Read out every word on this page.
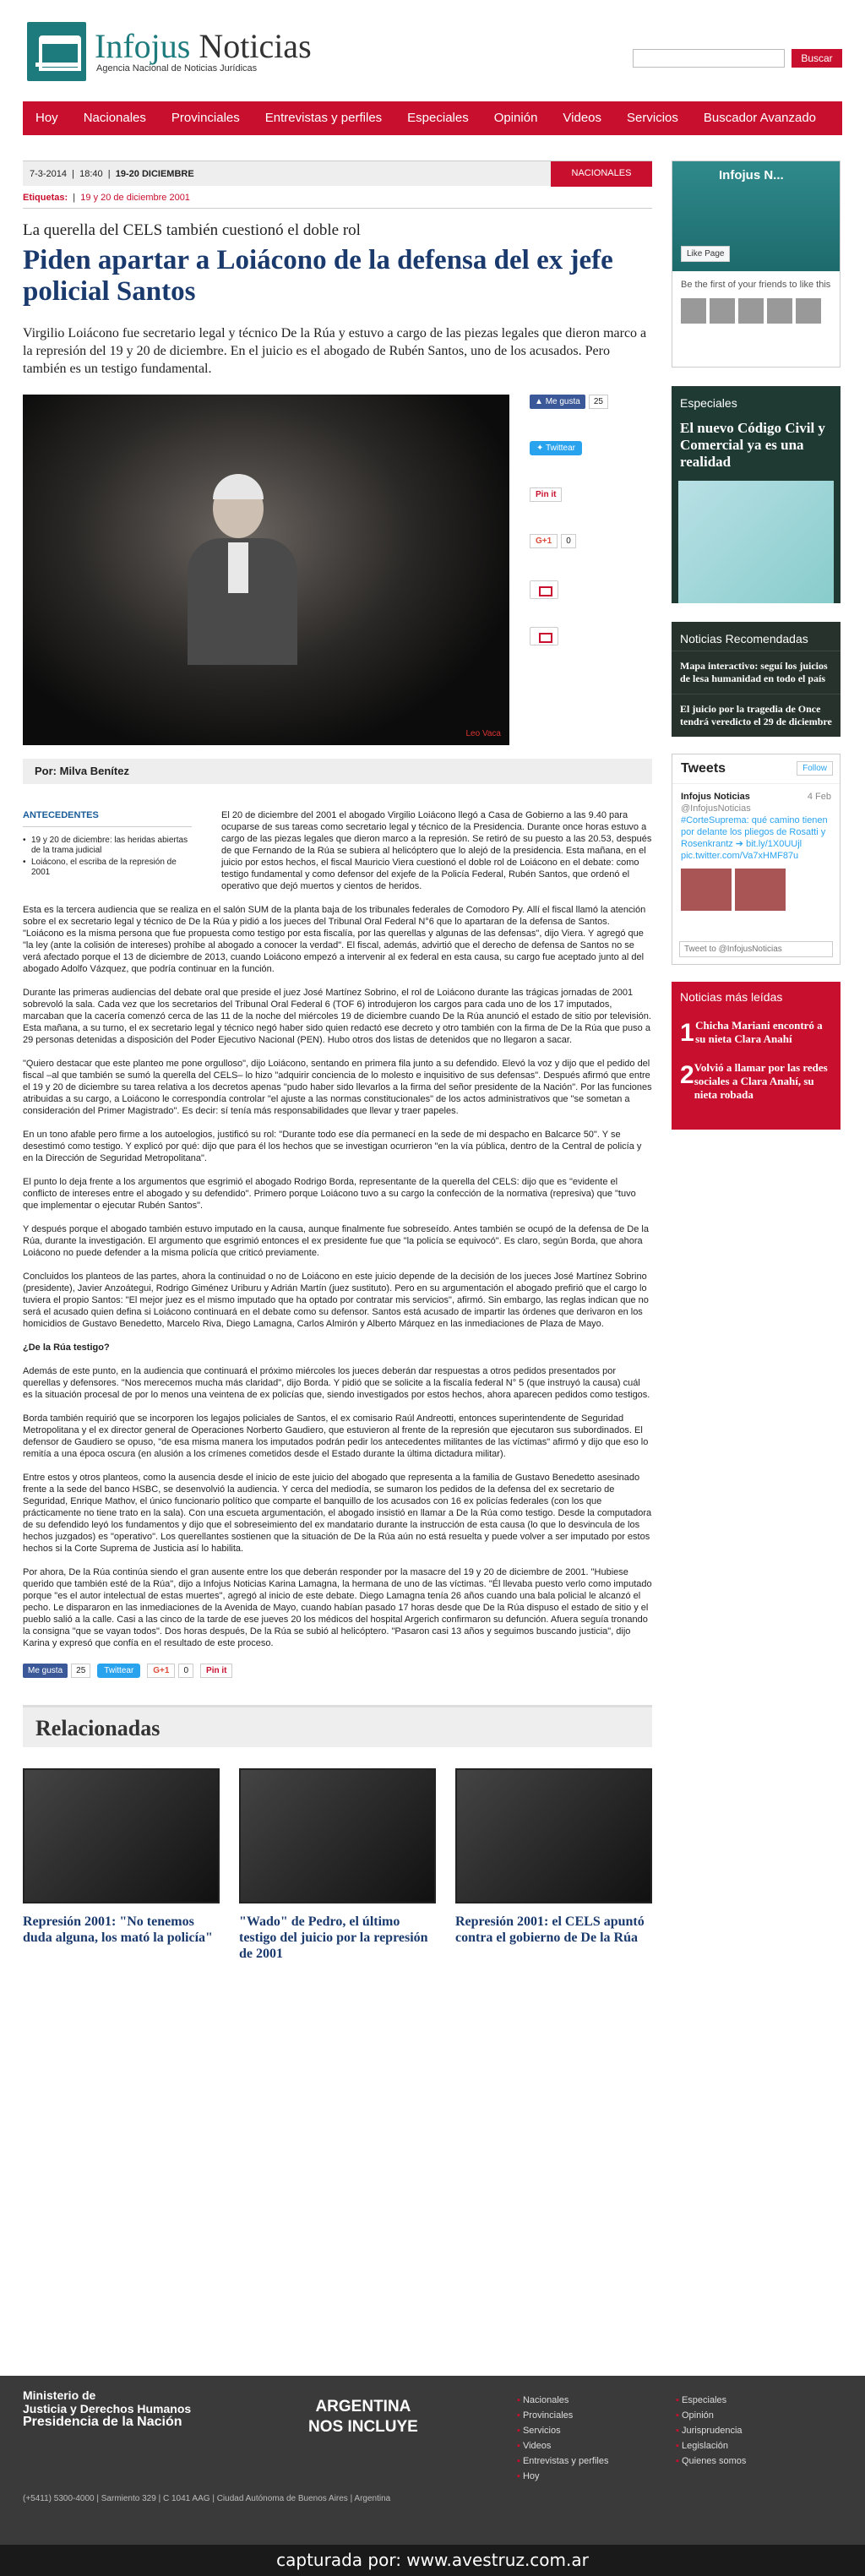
Infojus Noticias
Agencia Nacional de Noticias Jurídicas
Buscar
Hoy	Nacionales	Provinciales	Entrevistas y perfiles	Especiales	Opinión	Videos	Servicios	Buscador Avanzado
7-3-2014  |  18:40  |  19-20 DICIEMBRE	NACIONALES
Etiquetas:  |  19 y 20 de diciembre 2001
La querella del CELS también cuestionó el doble rol
Piden apartar a Loiácono de la defensa del ex jefe policial Santos
Virgilio Loiácono fue secretario legal y técnico De la Rúa y estuvo a cargo de las piezas legales que dieron marco a la represión del 19 y 20 de diciembre. En el juicio es el abogado de Rubén Santos, uno de los acusados. Pero también es un testigo fundamental.
Leo Vaca
▲ Me gusta 25
✦ Twittear
Pin it
G+1 0
Por: Milva Benítez
ANTECEDENTES
• 19 y 20 de diciembre: las heridas abiertas de la trama judicial
• Loiácono, el escriba de la represión de 2001

El 20 de diciembre del 2001 el abogado Virgilio Loiácono llegó a Casa de Gobierno a las 9.40 para ocuparse de sus tareas como secretario legal y técnico de la Presidencia. Durante once horas estuvo a cargo de las piezas legales que dieron marco a la represión. Se retiró de su puesto a las 20.53, después de que Fernando de la Rúa se subiera al helicóptero que lo alejó de la presidencia. Esta mañana, en el juicio por estos hechos, el fiscal Mauricio Viera cuestionó el doble rol de Loiácono en el debate: como testigo fundamental y como defensor del exjefe de la Policía Federal, Rubén Santos, que ordenó el operativo que dejó muertos y cientos de heridos.

Esta es la tercera audiencia que se realiza en el salón SUM de la planta baja de los tribunales federales de Comodoro Py. Allí el fiscal llamó la atención sobre el ex secretario legal y técnico de De la Rúa y pidió a los jueces del Tribunal Oral Federal N°6 que lo apartaran de la defensa de Santos. "Loiácono es la misma persona que fue propuesta como testigo por esta fiscalía, por las querellas y algunas de las defensas", dijo Viera. Y agregó que "la ley (ante la colisión de intereses) prohíbe al abogado a conocer la verdad". El fiscal, además, advirtió que el derecho de defensa de Santos no se verá afectado porque el 13 de diciembre de 2013, cuando Loiácono empezó a intervenir al ex federal en esta causa, su cargo fue aceptado junto al del abogado Adolfo Vázquez, que podría continuar en la función.

Durante las primeras audiencias del debate oral que preside el juez José Martínez Sobrino, el rol de Loiácono durante las trágicas jornadas de 2001 sobrevoló la sala. Cada vez que los secretarios del Tribunal Oral Federal 6 (TOF 6) introdujeron los cargos para cada uno de los 17 imputados, marcaban que la cacería comenzó cerca de las 11 de la noche del miércoles 19 de diciembre cuando De la Rúa anunció el estado de sitio por televisión. Esta mañana, a su turno, el ex secretario legal y técnico negó haber sido quien redactó ese decreto y otro también con la firma de De la Rúa que puso a 29 personas detenidas a disposición del Poder Ejecutivo Nacional (PEN). Hubo otros dos listas de detenidos que no llegaron a sacar.

"Quiero destacar que este planteo me pone orgulloso", dijo Loiácono, sentando en primera fila junto a su defendido. Elevó la voz y dijo que el pedido del fiscal –al que también se sumó la querella del CELS– lo hizo "adquirir conciencia de lo molesto e inquisitivo de sus defensas". Después afirmó que entre el 19 y 20 de diciembre su tarea relativa a los decretos apenas "pudo haber sido llevarlos a la firma del señor presidente de la Nación". Por las funciones atribuidas a su cargo, a Loiácono le correspondía controlar "el ajuste a las normas constitucionales" de los actos administrativos que "se sometan a consideración del Primer Magistrado". Es decir: sí tenía más responsabilidades que llevar y traer papeles.

En un tono afable pero firme a los autoelogios, justificó su rol: "Durante todo ese día permanecí en la sede de mi despacho en Balcarce 50". Y se desestimó como testigo. Y explicó por qué: dijo que para él los hechos que se investigan ocurrieron "en la vía pública, dentro de la Central de policía y en la Dirección de Seguridad Metropolitana".

El punto lo deja frente a los argumentos que esgrimió el abogado Rodrigo Borda, representante de la querella del CELS: dijo que es "evidente el conflicto de intereses entre el abogado y su defendido". Primero porque Loiácono tuvo a su cargo la confección de la normativa (represiva) que "tuvo que implementar o ejecutar Rubén Santos".

Y después porque el abogado también estuvo imputado en la causa, aunque finalmente fue sobreseído. Antes también se ocupó de la defensa de De la Rúa, durante la investigación. El argumento que esgrimió entonces el ex presidente fue que "la policía se equivocó". Es claro, según Borda, que ahora Loiácono no puede defender a la misma policía que criticó previamente.

Concluidos los planteos de las partes, ahora la continuidad o no de Loiácono en este juicio depende de la decisión de los jueces José Martínez Sobrino (presidente), Javier Anzoátegui, Rodrigo Giménez Uriburu y Adrián Martín (juez sustituto). Pero en su argumentación el abogado prefirió que el cargo lo tuviera el propio Santos: "El mejor juez es el mismo imputado que ha optado por contratar mis servicios", afirmó. Sin embargo, las reglas indican que no será el acusado quien defina si Loiácono continuará en el debate como su defensor. Santos está acusado de impartir las órdenes que derivaron en los homicidios de Gustavo Benedetto, Marcelo Riva, Diego Lamagna, Carlos Almirón y Alberto Márquez en las inmediaciones de Plaza de Mayo.

¿De la Rúa testigo?

Además de este punto, en la audiencia que continuará el próximo miércoles los jueces deberán dar respuestas a otros pedidos presentados por querellas y defensores. "Nos merecemos mucha más claridad", dijo Borda. Y pidió que se solicite a la fiscalía federal N° 5 (que instruyó la causa) cuál es la situación procesal de por lo menos una veintena de ex policías que, siendo investigados por estos hechos, ahora aparecen pedidos como testigos.

Borda también requirió que se incorporen los legajos policiales de Santos, el ex comisario Raúl Andreotti, entonces superintendente de Seguridad Metropolitana y el ex director general de Operaciones Norberto Gaudiero, que estuvieron al frente de la represión que ejecutaron sus subordinados. El defensor de Gaudiero se opuso, "de esa misma manera los imputados podrán pedir los antecedentes militantes de las víctimas" afirmó y dijo que eso lo remitía a una época oscura (en alusión a los crímenes cometidos desde el Estado durante la última dictadura militar).

Entre estos y otros planteos, como la ausencia desde el inicio de este juicio del abogado que representa a la familia de Gustavo Benedetto asesinado frente a la sede del banco HSBC, se desenvolvió la audiencia. Y cerca del mediodía, se sumaron los pedidos de la defensa del ex secretario de Seguridad, Enrique Mathov, el único funcionario político que comparte el banquillo de los acusados con 16 ex policías federales (con los que prácticamente no tiene trato en la sala). Con una escueta argumentación, el abogado insistió en llamar a De la Rúa como testigo. Desde la computadora de su defendido leyó los fundamentos y dijo que el sobreseimiento del ex mandatario durante la instrucción de esta causa (lo que lo desvincula de los hechos juzgados) es "operativo". Los querellantes sostienen que la situación de De la Rúa aún no está resuelta y puede volver a ser imputado por estos hechos si la Corte Suprema de Justicia así lo habilita.

Por ahora, De la Rúa continúa siendo el gran ausente entre los que deberán responder por la masacre del 19 y 20 de diciembre de 2001. "Hubiese querido que también esté de la Rúa", dijo a Infojus Noticias Karina Lamagna, la hermana de uno de las víctimas. "Él llevaba puesto verlo como imputado porque "es el autor intelectual de estas muertes", agregó al inicio de este debate. Diego Lamagna tenía 26 años cuando una bala policial le alcanzó el pecho. Le dispararon en las inmediaciones de la Avenida de Mayo, cuando habían pasado 17 horas desde que De la Rúa dispuso el estado de sitio y el pueblo salió a la calle. Casi a las cinco de la tarde de ese jueves 20 los médicos del hospital Argerich confirmaron su defunción. Afuera seguía tronando la consigna "que se vayan todos". Dos horas después, De la Rúa se subió al helicóptero. "Pasaron casi 13 años y seguimos buscando justicia", dijo Karina y expresó que confía en el resultado de este proceso.

Me gusta 25	Twittear	G+1 0	Pin it
Relacionadas
Represión 2001: "No tenemos duda alguna, los mató la policía"
"Wado" de Pedro, el último testigo del juicio por la represión de 2001
Represión 2001: el CELS apuntó contra el gobierno de De la Rúa
Infojus N...
Like Page
Be the first of your friends to like this
Especiales
El nuevo Código Civil y Comercial ya es una realidad
Noticias Recomendadas
Mapa interactivo: seguí los juicios de lesa humanidad en todo el país
El juicio por la tragedia de Once tendrá veredicto el 29 de diciembre
Tweets	Follow
Infojus Noticias	4 Feb

@InfojusNoticias
#CorteSuprema: qué camino tienen por delante los pliegos de Rosatti y Rosenkrantz ➔ bit.ly/1X0UUjl pic.twitter.com/Va7xHMF87u
Tweet to @InfojusNoticias
Noticias más leídas
1 Chicha Mariani encontró a su nieta Clara Anahí
2 Volvió a llamar por las redes sociales a Clara Anahí, su nieta robada
Ministerio de
Justicia y Derechos Humanos
Presidencia de la Nación
ARGENTINA
NOS INCLUYE
(+5411) 5300-4000 | Sarmiento 329 | C 1041 AAG | Ciudad Autónoma de Buenos Aires | Argentina
▪ Nacionales
▪ Provinciales
▪ Servicios
▪ Videos
▪ Entrevistas y perfiles
▪ Hoy
▪ Especiales
▪ Opinión
▪ Jurisprudencia
▪ Legislación
▪ Quienes somos
capturada por: www.avestruz.com.ar
